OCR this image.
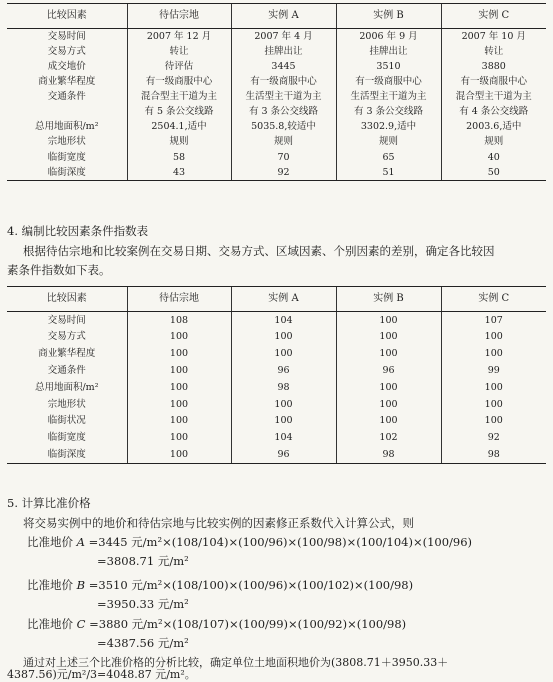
比较因素	待估宗地	实例 A	实例 B	实例 C
交易时间	2007 年 12 月	2007 年 4 月	2006 年 9 月	2007 年 10 月
交易方式	转让	挂牌出让	挂牌出让	转让
成交地价	待评估	3445	3510	3880
商业繁华程度	有一级商服中心	有一级商服中心	有一级商服中心	有一级商服中心
交通条件	混合型主干道为主	生活型主干道为主	生活型主干道为主	混合型主干道为主
	有 5 条公交线路	有 3 条公交线路	有 3 条公交线路	有 4 条公交线路
总用地面积/m²	2504.1,适中	5035.8,较适中	3302.9,适中	2003.6,适中
宗地形状	规则	规则	规则	规则
临街宽度	58	70	65	40
临街深度	43	92	51	50
4. 编制比较因素条件指数表
根据待估宗地和比较案例在交易日期、交易方式、区域因素、个别因素的差别，确定各比较因
素条件指数如下表。
比较因素	待估宗地	实例 A	实例 B	实例 C
交易时间	108	104	100	107
交易方式	100	100	100	100
商业繁华程度	100	100	100	100
交通条件	100	96	96	99
总用地面积/m²	100	98	100	100
宗地形状	100	100	100	100
临街状况	100	100	100	100
临街宽度	100	104	102	92
临街深度	100	96	98	98
5. 计算比准价格
将交易实例中的地价和待估宗地与比较实例的因素修正系数代入计算公式，则
比准地价 A =3445 元/m²×(108/104)×(100/96)×(100/98)×(100/104)×(100/96)
=3808.71 元/m²
比准地价 B =3510 元/m²×(108/100)×(100/96)×(100/102)×(100/98)
=3950.33 元/m²
比准地价 C =3880 元/m²×(108/107)×(100/99)×(100/92)×(100/98)
=4387.56 元/m²
通过对上述三个比准价格的分析比较，确定单位土地面积地价为(3808.71＋3950.33＋
4387.56)元/m²/3=4048.87 元/m²。
